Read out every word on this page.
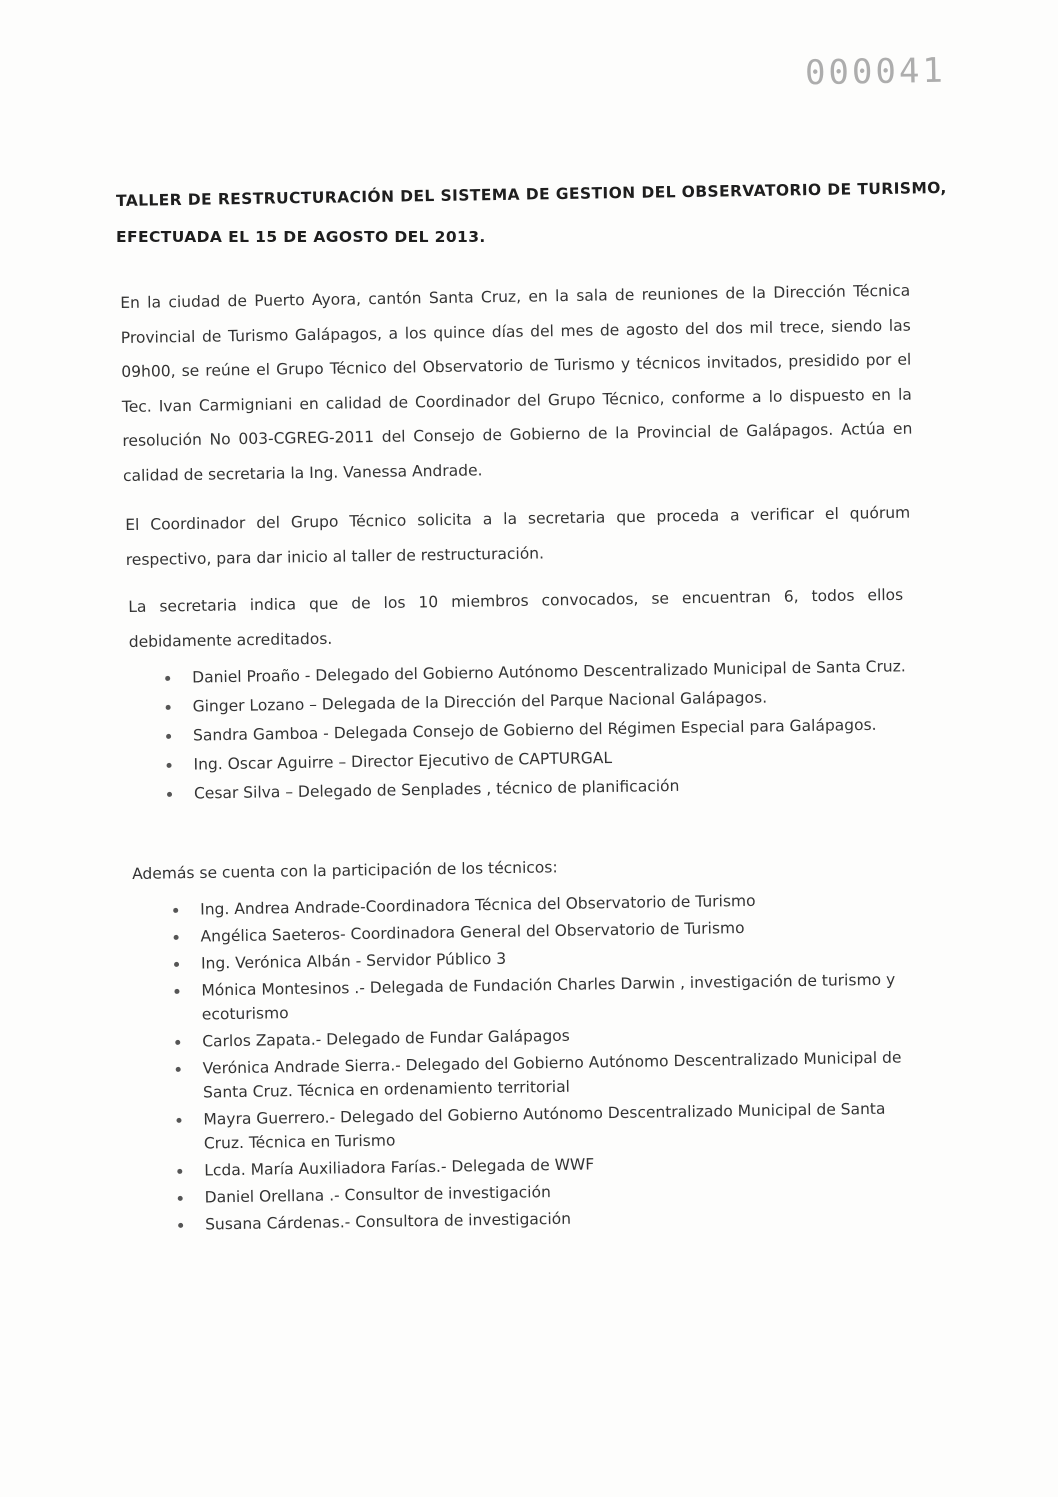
000041
TALLER DE RESTRUCTURACIÓN DEL SISTEMA DE GESTION DEL OBSERVATORIO DE TURISMO,
EFECTUADA EL 15 DE AGOSTO DEL 2013.
En la ciudad de Puerto Ayora, cantón Santa Cruz, en la sala de reuniones de la Dirección Técnica Provincial de Turismo Galápagos, a los quince días del mes de agosto del dos mil trece, siendo las 09h00, se reúne el Grupo Técnico del Observatorio de Turismo y técnicos invitados, presidido por el Tec. Ivan Carmigniani en calidad de Coordinador del Grupo Técnico, conforme a lo dispuesto en la resolución No 003-CGREG-2011 del Consejo de Gobierno de la Provincial de Galápagos. Actúa en calidad de secretaria la Ing. Vanessa Andrade.
El Coordinador del Grupo Técnico solicita a la secretaria que proceda a verificar el quórum respectivo, para dar inicio al taller de restructuración.
La secretaria indica que de los 10 miembros convocados, se encuentran 6, todos ellos debidamente acreditados.
Daniel Proaño - Delegado del Gobierno Autónomo Descentralizado Municipal de Santa Cruz.
Ginger Lozano – Delegada de la Dirección del Parque Nacional Galápagos.
Sandra Gamboa - Delegada Consejo de Gobierno del Régimen Especial para Galápagos.
Ing. Oscar Aguirre – Director Ejecutivo de CAPTURGAL
Cesar Silva – Delegado de Senplades , técnico de planificación
Además se cuenta con la participación de los técnicos:
Ing. Andrea Andrade-Coordinadora Técnica del Observatorio de Turismo
Angélica Saeteros- Coordinadora General del Observatorio de Turismo
Ing. Verónica Albán - Servidor Público 3
Mónica Montesinos .- Delegada de Fundación Charles Darwin , investigación de turismo y ecoturismo
Carlos Zapata.- Delegado de Fundar Galápagos
Verónica Andrade Sierra.- Delegado del Gobierno Autónomo Descentralizado Municipal de Santa Cruz. Técnica en ordenamiento territorial
Mayra Guerrero.- Delegado del Gobierno Autónomo Descentralizado Municipal de Santa Cruz. Técnica en Turismo
Lcda. María Auxiliadora Farías.- Delegada de WWF
Daniel Orellana .- Consultor de investigación
Susana Cárdenas.- Consultora de investigación
